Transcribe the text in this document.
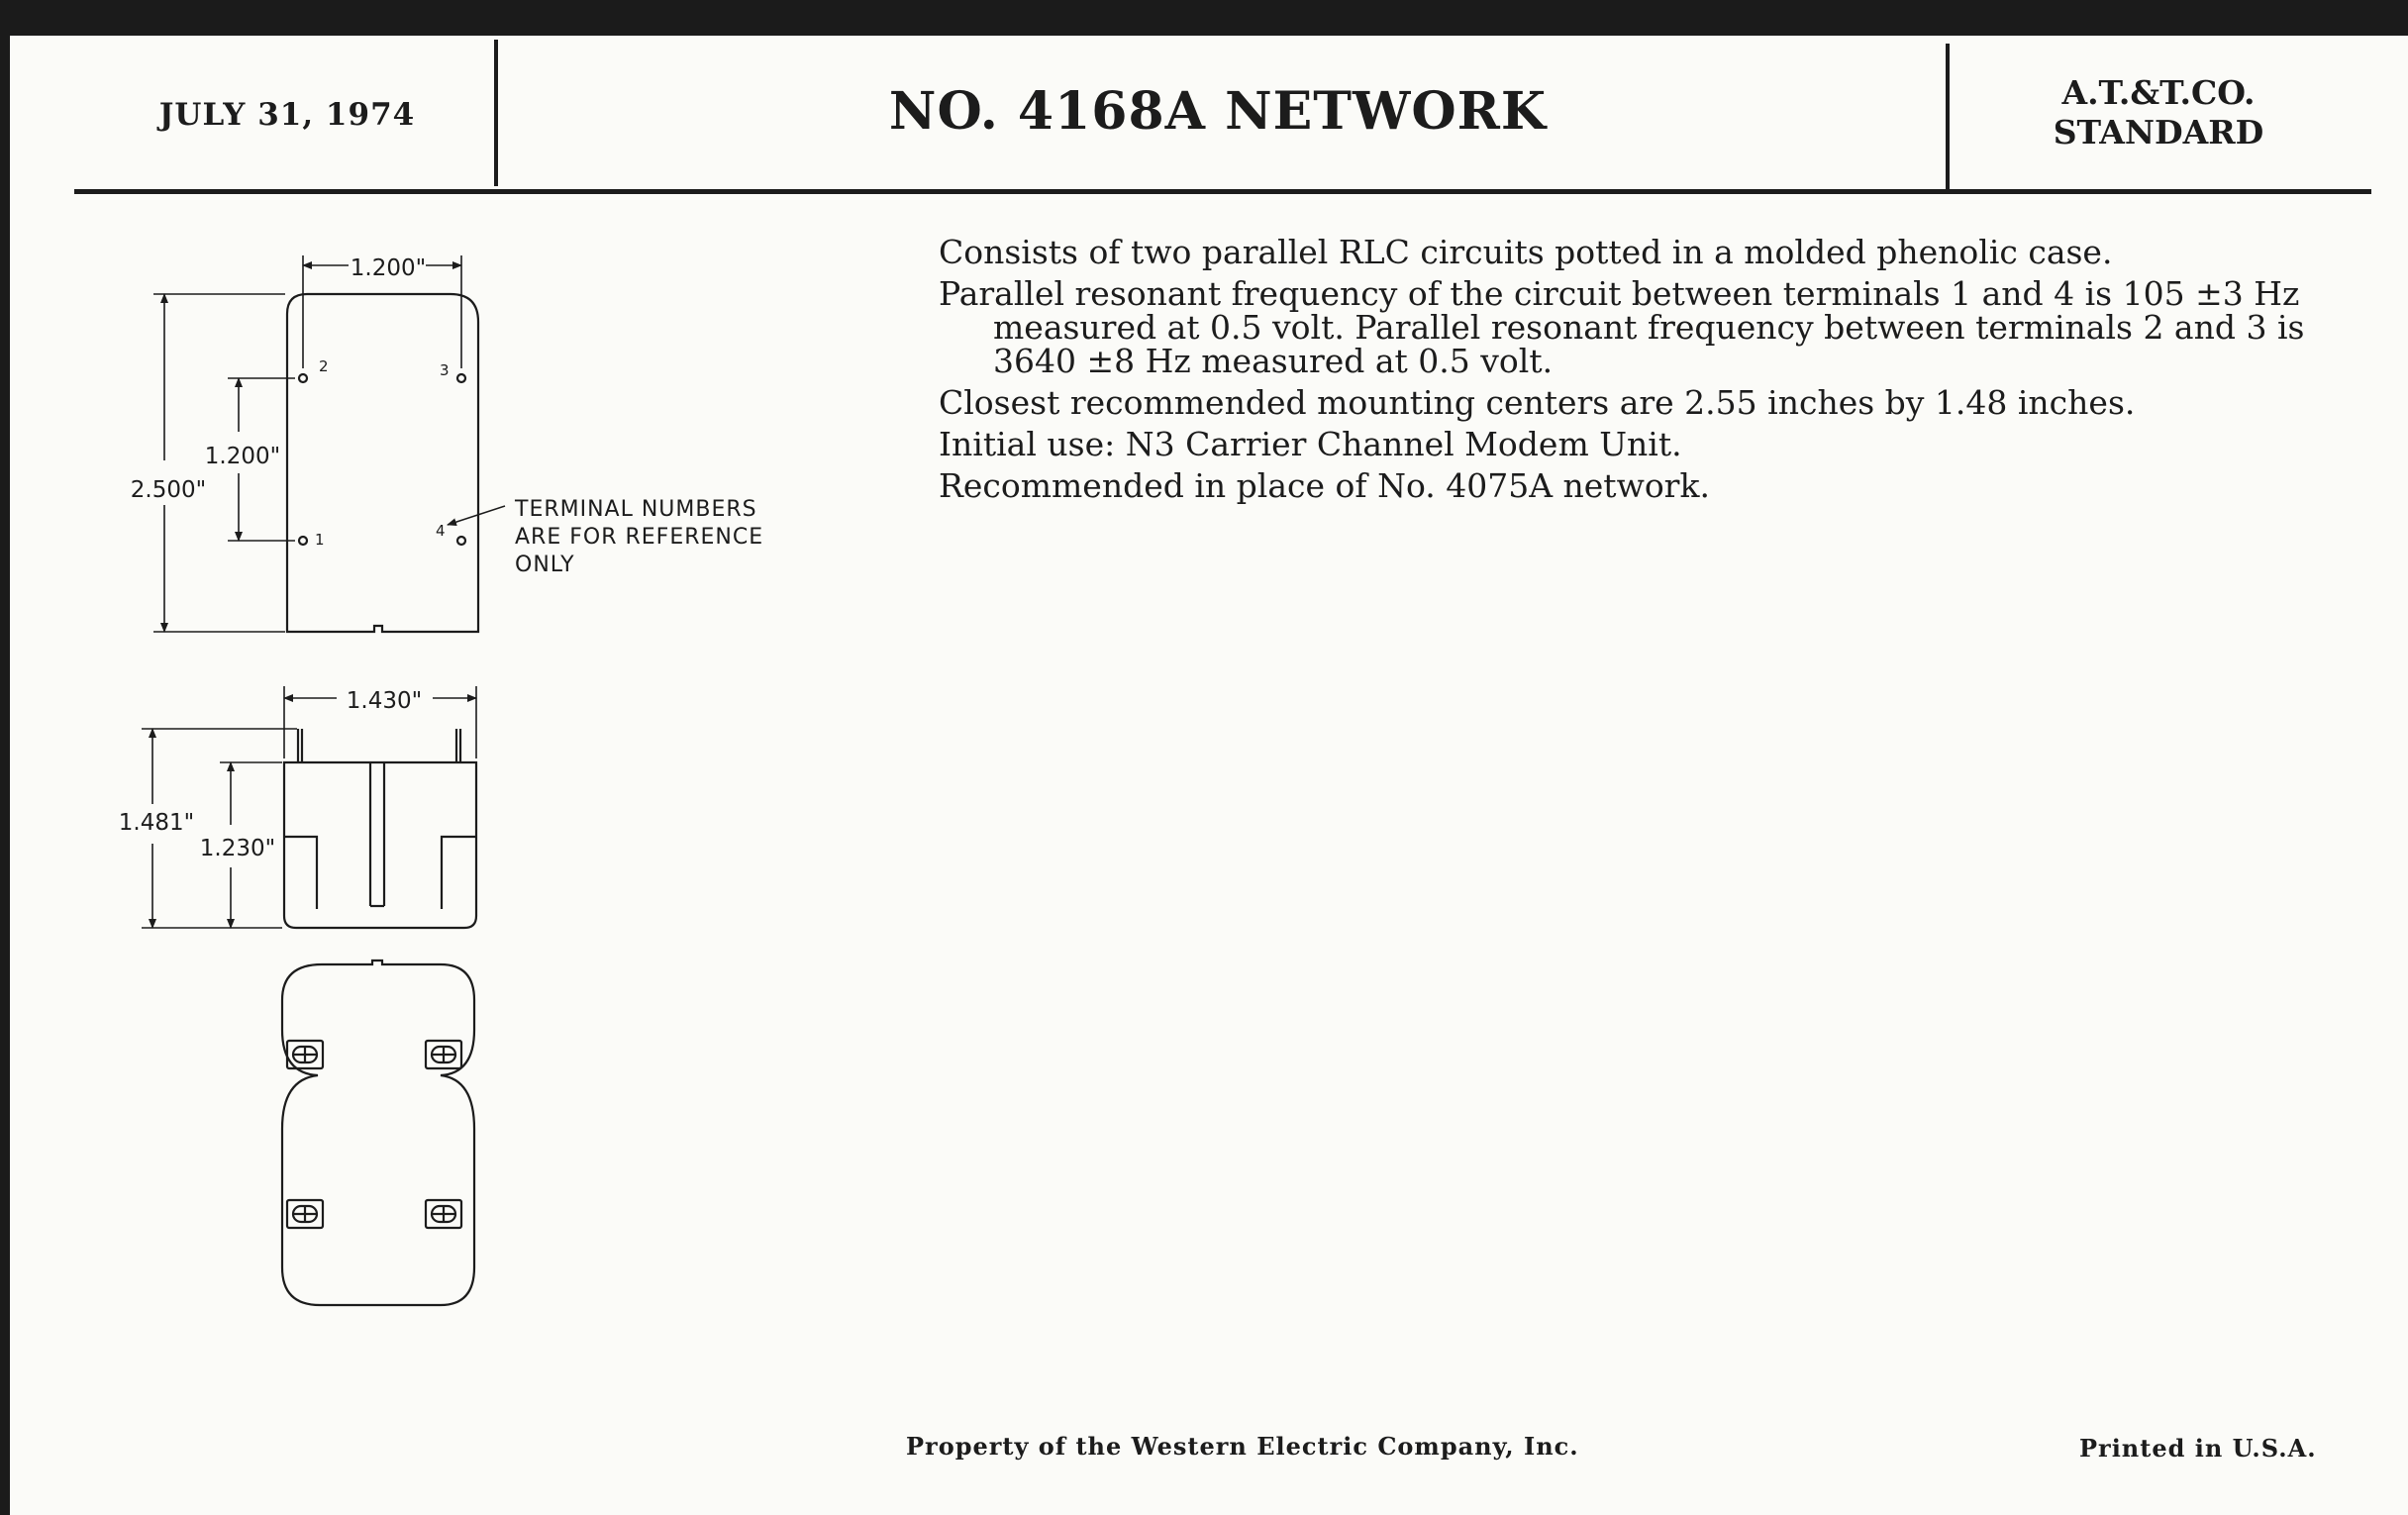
JULY 31, 1974	NO. 4168A NETWORK	A.T.&T.CO.
STANDARD

Consists of two parallel RLC circuits potted in a molded phenolic case.

Parallel resonant frequency of the circuit between terminals 1 and 4 is 105 ±3 Hz measured at 0.5 volt. Parallel resonant frequency between terminals 2 and 3 is 3640 ±8 Hz measured at 0.5 volt.

Closest recommended mounting centers are 2.55 inches by 1.48 inches.

Initial use: N3 Carrier Channel Modem Unit.

Recommended in place of No. 4075A network.

1.200"
2.500"
1.200"
1
2	3
4
TERMINAL NUMBERS
ARE FOR REFERENCE
ONLY
1.430"
1.481"
1.230"
Property of the Western Electric Company, Inc.	Printed in U.S.A.
